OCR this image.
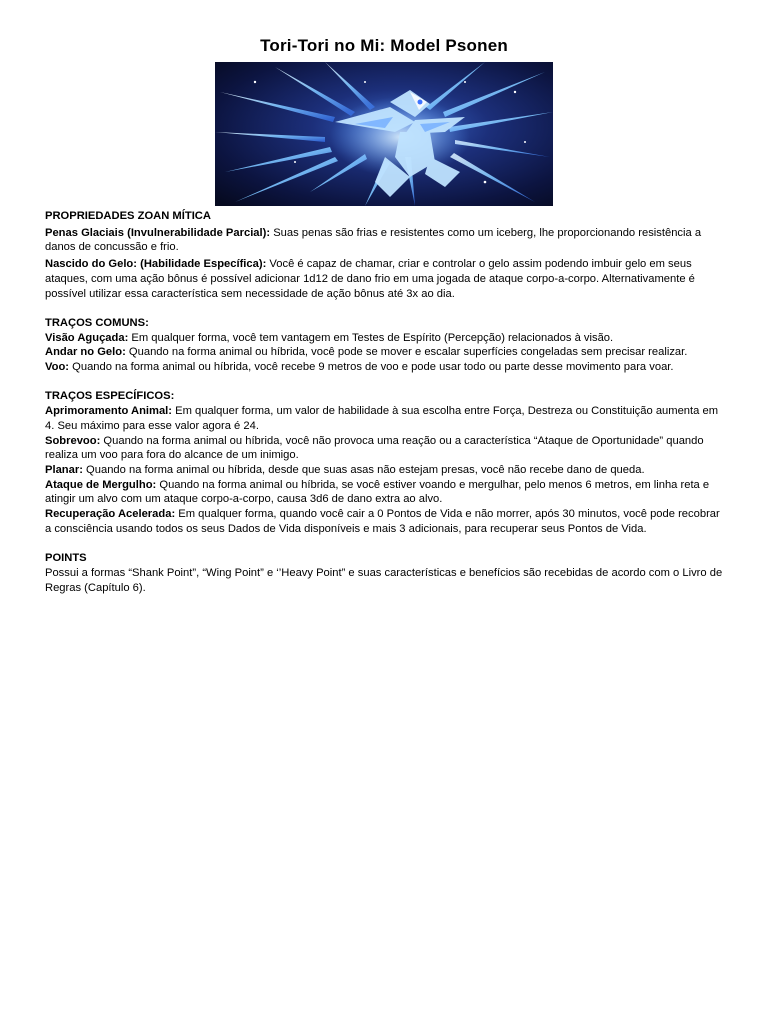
Tori-Tori no Mi: Model Psonen

PROPRIEDADES ZOAN MÍTICA

Penas Glaciais (Invulnerabilidade Parcial): Suas penas são frias e resistentes como um iceberg, lhe proporcionando resistência a danos de concussão e frio.

Nascido do Gelo: (Habilidade Específica): Você é capaz de chamar, criar e controlar o gelo assim podendo imbuir gelo em seus ataques, com uma ação bônus é possível adicionar 1d12 de dano frio em uma jogada de ataque corpo-a-corpo. Alternativamente é possível utilizar essa característica sem necessidade de ação bônus até 3x ao dia.

TRAÇOS COMUNS:

Visão Aguçada: Em qualquer forma, você tem vantagem em Testes de Espírito (Percepção) relacionados à visão.

Andar no Gelo: Quando na forma animal ou híbrida, você pode se mover e escalar superfícies congeladas sem precisar realizar.

Voo: Quando na forma animal ou híbrida, você recebe 9 metros de voo e pode usar todo ou parte desse movimento para voar.

TRAÇOS ESPECÍFICOS:

Aprimoramento Animal: Em qualquer forma, um valor de habilidade à sua escolha entre Força, Destreza ou Constituição aumenta em 4. Seu máximo para esse valor agora é 24.

Sobrevoo: Quando na forma animal ou híbrida, você não provoca uma reação ou a característica “Ataque de Oportunidade” quando realiza um voo para fora do alcance de um inimigo.

Planar: Quando na forma animal ou híbrida, desde que suas asas não estejam presas, você não recebe dano de queda.

Ataque de Mergulho: Quando na forma animal ou híbrida, se você estiver voando e mergulhar, pelo menos 6 metros, em linha reta e atingir um alvo com um ataque corpo-a-corpo, causa 3d6 de dano extra ao alvo.

Recuperação Acelerada: Em qualquer forma, quando você cair a 0 Pontos de Vida e não morrer, após 30 minutos, você pode recobrar a consciência usando todos os seus Dados de Vida disponíveis e mais 3 adicionais, para recuperar seus Pontos de Vida.

POINTS

Possui a formas “Shank Point”, “Wing Point” e ‘’Heavy Point” e suas características e benefícios são recebidas de acordo com o Livro de Regras (Capítulo 6).
